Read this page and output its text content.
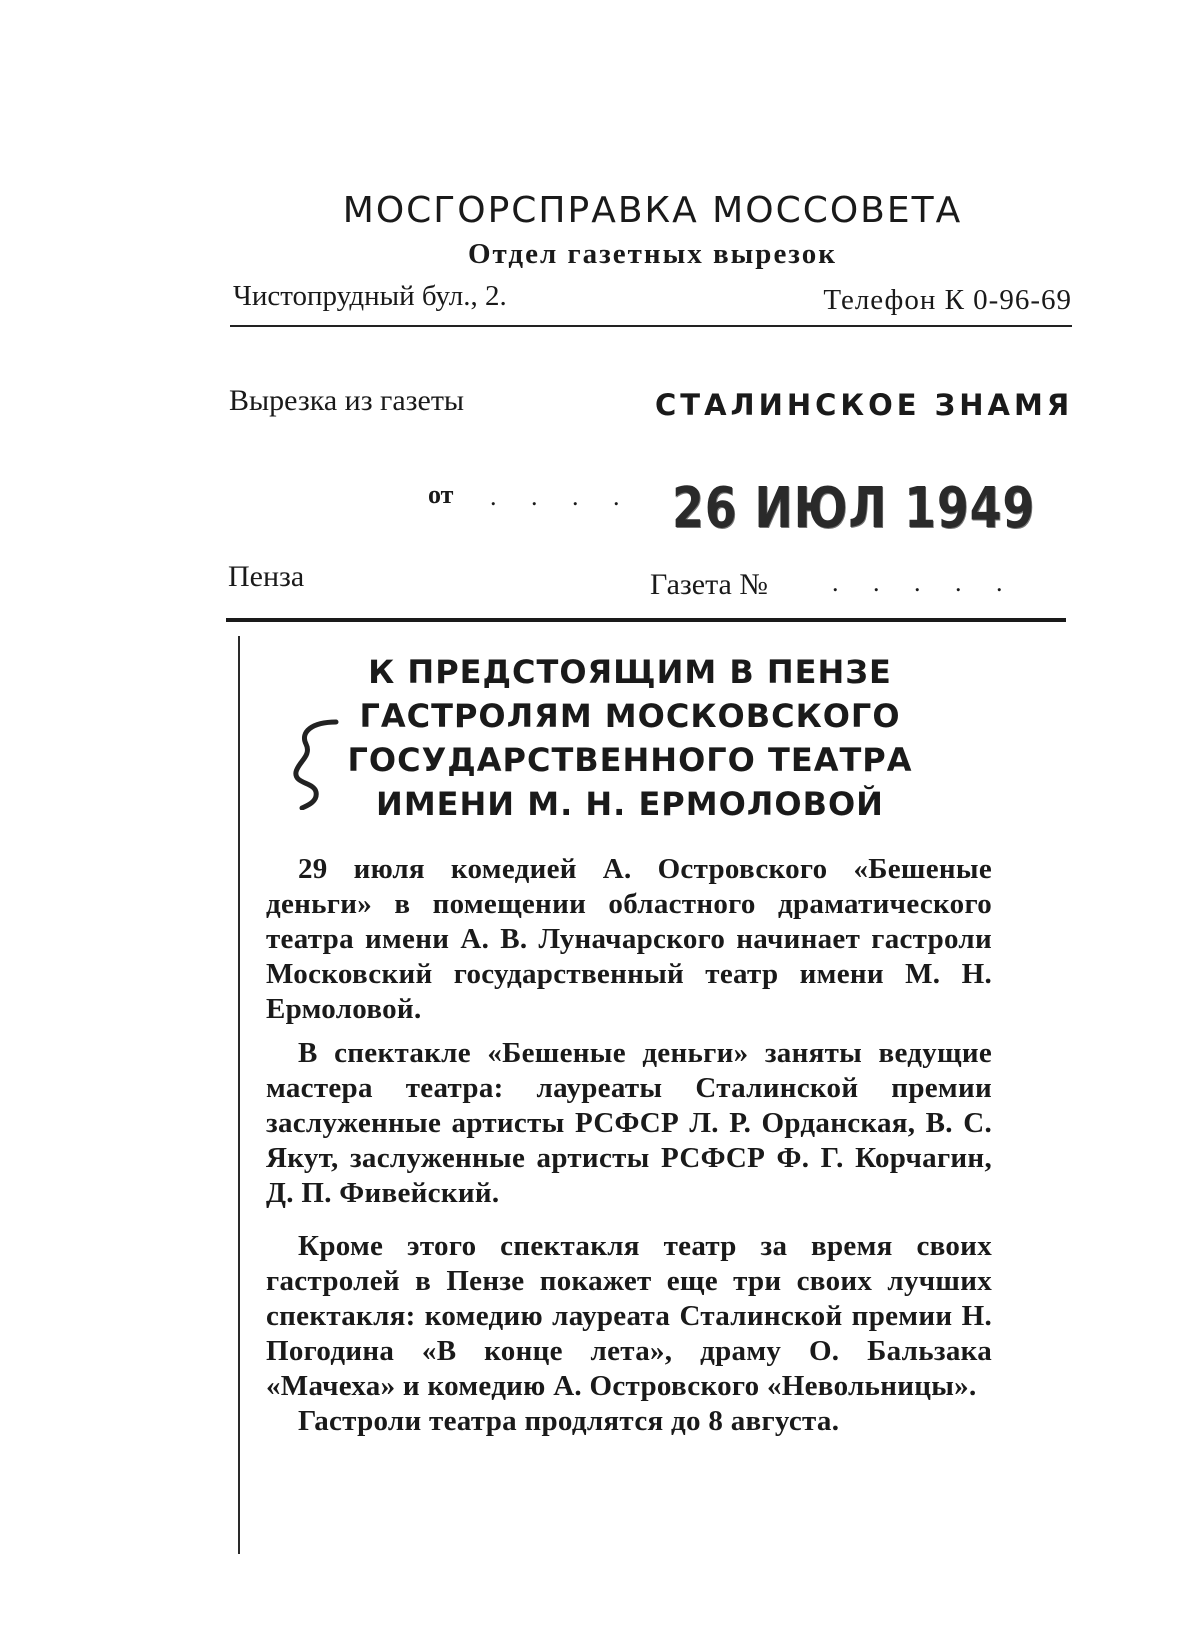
МОСГОРСПРАВКА МОССОВЕТА
Отдел газетных вырезок
Чистопрудный бул., 2.	Телефон К 0-96-69
Вырезка из газеты	СТАЛИНСКОЕ ЗНАМЯ
от . . . . 26 ИЮЛ 1949
Пенза	Газета № . . . . .
К ПРЕДСТОЯЩИМ В ПЕНЗЕ
ГАСТРОЛЯМ МОСКОВСКОГО
ГОСУДАРСТВЕННОГО ТЕАТРА
ИМЕНИ М. Н. ЕРМОЛОВОЙ

29 июля комедией А. Островского «Бешеные деньги» в помещении областного драматического театра имени А. В. Луначарского начинает гастроли Московский государственный театр имени М. Н. Ермоловой.

В спектакле «Бешеные деньги» заняты ведущие мастера театра: лауреаты Сталинской премии заслуженные артисты РСФСР Л. Р. Орданская, В. С. Якут, заслуженные артисты РСФСР Ф. Г. Корчагин, Д. П. Фивейский.

Кроме этого спектакля театр за время своих гастролей в Пензе покажет еще три своих лучших спектакля: комедию лауреата Сталинской премии Н. Погодина «В конце лета», драму О. Бальзака «Мачеха» и комедию А. Островского «Невольницы».

Гастроли театра продлятся до 8 августа.
